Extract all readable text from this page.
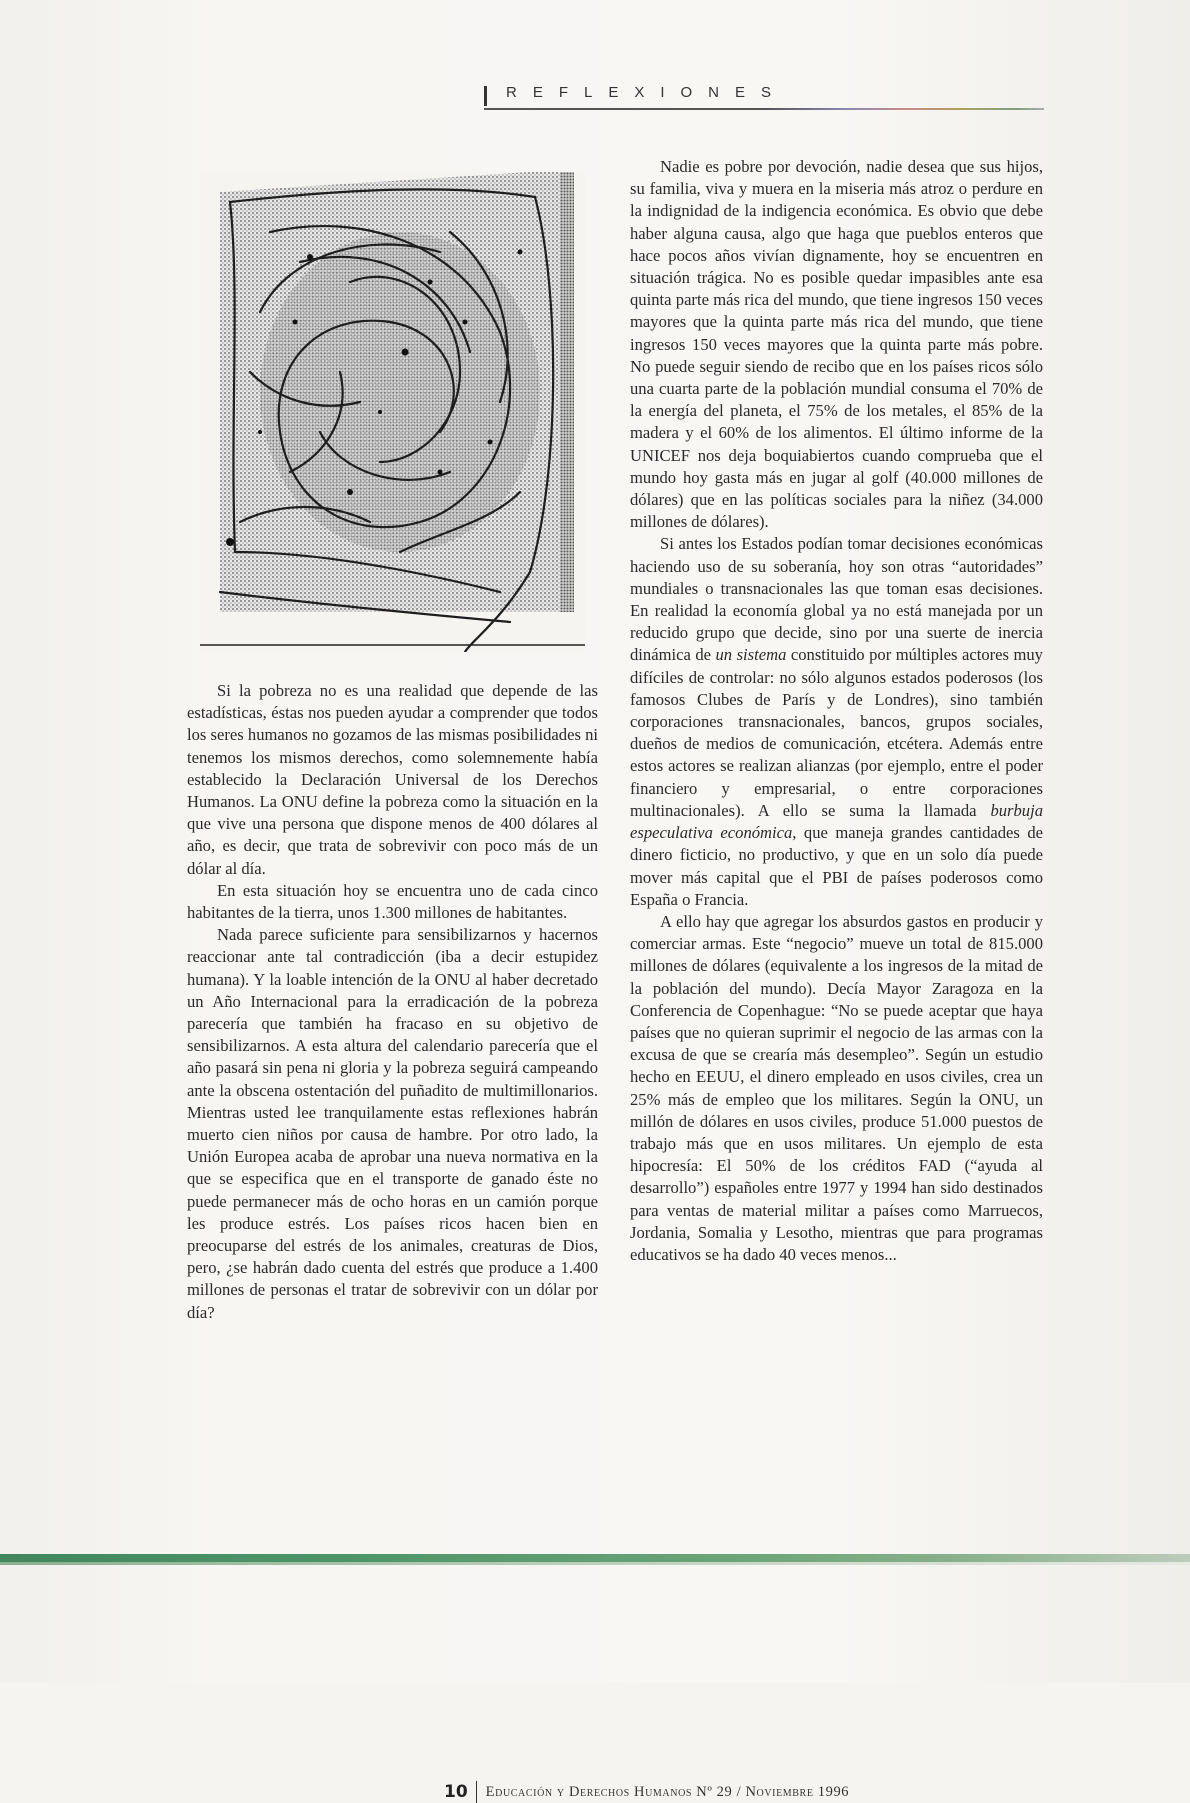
REFLEXIONES

Si la pobreza no es una realidad que depende de las estadísticas, éstas nos pueden ayudar a comprender que todos los seres humanos no gozamos de las mismas posibilidades ni tenemos los mismos derechos, como solemnemente había establecido la Declaración Universal de los Derechos Humanos. La ONU define la pobreza como la situación en la que vive una persona que dispone menos de 400 dólares al año, es decir, que trata de sobrevivir con poco más de un dólar al día.

En esta situación hoy se encuentra uno de cada cinco habitantes de la tierra, unos 1.300 millones de habitantes.

Nada parece suficiente para sensibilizarnos y hacernos reaccionar ante tal contradicción (iba a decir estupidez humana). Y la loable intención de la ONU al haber decretado un Año Internacional para la erradicación de la pobreza parecería que también ha fracaso en su objetivo de sensibilizarnos. A esta altura del calendario parecería que el año pasará sin pena ni gloria y la pobreza seguirá campeando ante la obscena ostentación del puñadito de multimillonarios. Mientras usted lee tranquilamente estas reflexiones habrán muerto cien niños por causa de hambre. Por otro lado, la Unión Europea acaba de aprobar una nueva normativa en la que se especifica que en el transporte de ganado éste no puede permanecer más de ocho horas en un camión porque les produce estrés. Los países ricos hacen bien en preocuparse del estrés de los animales, creaturas de Dios, pero, ¿se habrán dado cuenta del estrés que produce a 1.400 millones de personas el tratar de sobrevivir con un dólar por día?

Nadie es pobre por devoción, nadie desea que sus hijos, su familia, viva y muera en la miseria más atroz o perdure en la indignidad de la indigencia económica. Es obvio que debe haber alguna causa, algo que haga que pueblos enteros que hace pocos años vivían dignamente, hoy se encuentren en situación trágica. No es posible quedar impasibles ante esa quinta parte más rica del mundo, que tiene ingresos 150 veces mayores que la quinta parte más rica del mundo, que tiene ingresos 150 veces mayores que la quinta parte más pobre. No puede seguir siendo de recibo que en los países ricos sólo una cuarta parte de la población mundial consuma el 70% de la energía del planeta, el 75% de los metales, el 85% de la madera y el 60% de los alimentos. El último informe de la UNICEF nos deja boquiabiertos cuando comprueba que el mundo hoy gasta más en jugar al golf (40.000 millones de dólares) que en las políticas sociales para la niñez (34.000 millones de dólares).

Si antes los Estados podían tomar decisiones económicas haciendo uso de su soberanía, hoy son otras “autoridades” mundiales o transnacionales las que toman esas decisiones. En realidad la economía global ya no está manejada por un reducido grupo que decide, sino por una suerte de inercia dinámica de un sistema constituido por múltiples actores muy difíciles de controlar: no sólo algunos estados poderosos (los famosos Clubes de París y de Londres), sino también corporaciones transnacionales, bancos, grupos sociales, dueños de medios de comunicación, etcétera. Además entre estos actores se realizan alianzas (por ejemplo, entre el poder financiero y empresarial, o entre corporaciones multinacionales). A ello se suma la llamada burbuja especulativa económica, que maneja grandes cantidades de dinero ficticio, no productivo, y que en un solo día puede mover más capital que el PBI de países poderosos como España o Francia.

A ello hay que agregar los absurdos gastos en producir y comerciar armas. Este “negocio” mueve un total de 815.000 millones de dólares (equivalente a los ingresos de la mitad de la población del mundo). Decía Mayor Zaragoza en la Conferencia de Copenhague: “No se puede aceptar que haya países que no quieran suprimir el negocio de las armas con la excusa de que se crearía más desempleo”. Según un estudio hecho en EEUU, el dinero empleado en usos civiles, crea un 25% más de empleo que los militares. Según la ONU, un millón de dólares en usos civiles, produce 51.000 puestos de trabajo más que en usos militares. Un ejemplo de esta hipocresía: El 50% de los créditos FAD (“ayuda al desarrollo”) españoles entre 1977 y 1994 han sido destinados para ventas de material militar a países como Marruecos, Jordania, Somalia y Lesotho, mientras que para programas educativos se ha dado 40 veces menos...

10 Educación y Derechos Humanos Nº 29 / Noviembre 1996
